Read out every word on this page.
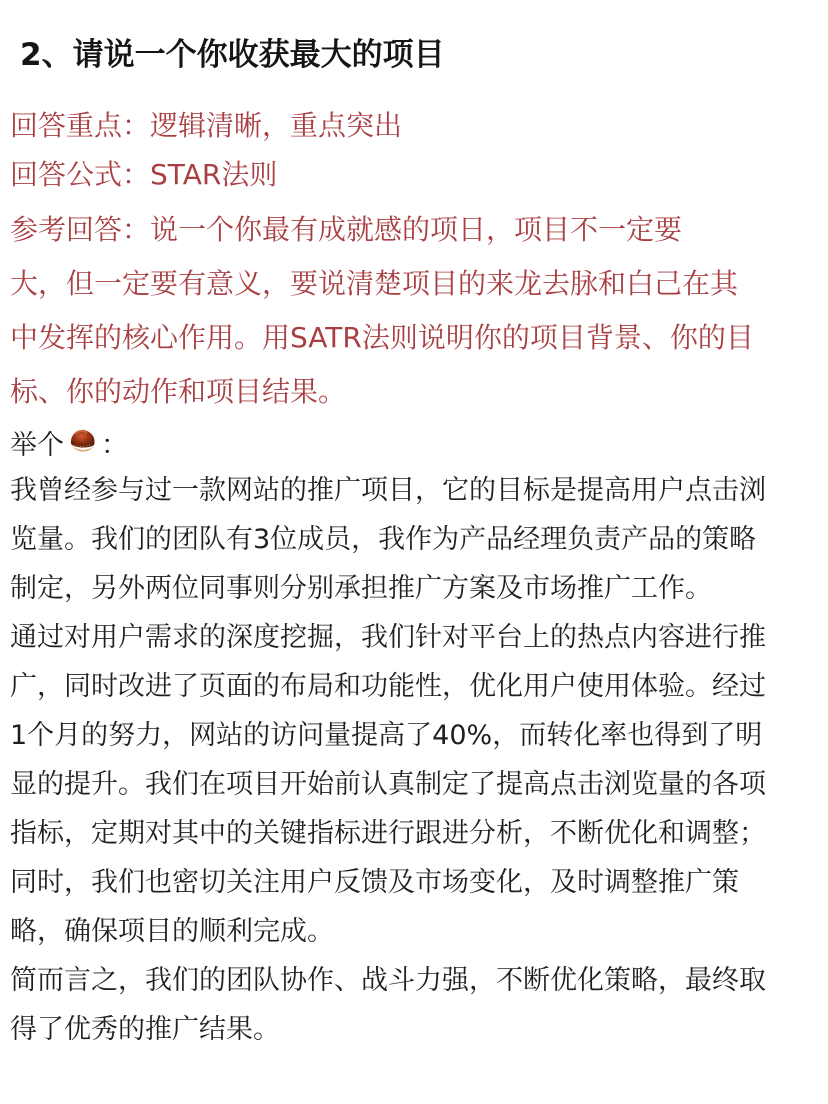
2、请说一个你收获最大的项目
回答重点：逻辑清晰，重点突出
回答公式：STAR法则
参考回答：说一个你最有成就感的项日，项目不一定要
大，但一定要有意义，要说清楚项目的来龙去脉和白己在其
中发挥的核心作用。用SATR法则说明你的项目背景、你的目
标、你的动作和项目结果。
举个 ：
我曾经参与过一款网站的推广项目，它的目标是提高用户点击浏
览量。我们的团队有3位成员，我作为产品经理负责产品的策略
制定，另外两位同事则分别承担推广方案及市场推广工作。
通过对用户需求的深度挖掘，我们针对平台上的热点内容进行推
广，同时改进了页面的布局和功能性，优化用户使用体验。经过
1个月的努力，网站的访问量提高了40%，而转化率也得到了明
显的提升。我们在项目开始前认真制定了提高点击浏览量的各项
指标，定期对其中的关键指标进行跟进分析，不断优化和调整；
同时，我们也密切关注用户反馈及市场变化，及时调整推广策
略，确保项目的顺利完成。
简而言之，我们的团队协作、战斗力强，不断优化策略，最终取
得了优秀的推广结果。
